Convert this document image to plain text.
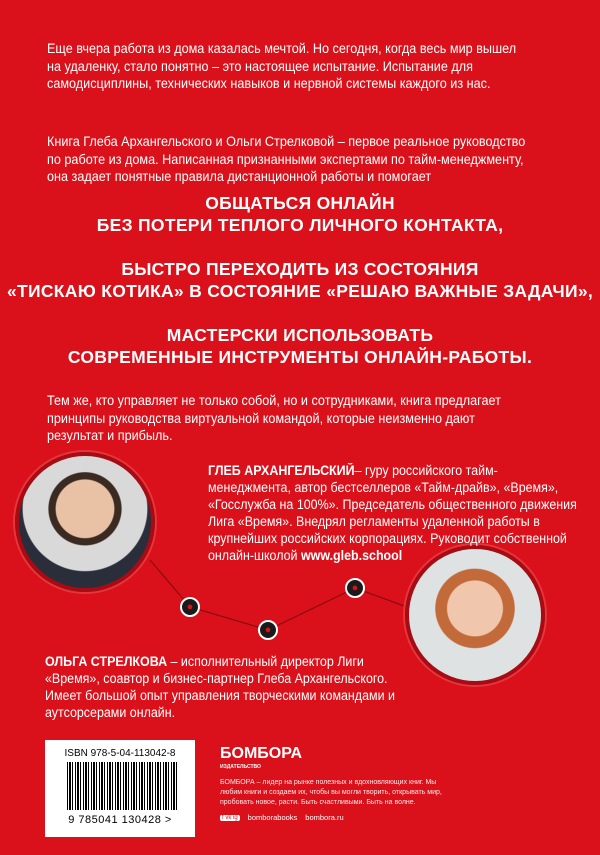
Еще вчера работа из дома казалась мечтой. Но сегодня, когда весь мир вышел на удаленку, стало понятно – это настоящее испытание. Испытание для самодисциплины, технических навыков и нервной системы каждого из нас.

Книга Глеба Архангельского и Ольги Стрелковой – первое реальное руководство по работе из дома. Написанная признанными экспертами по тайм-менеджменту, она задает понятные правила дистанционной работы и помогает

ОБЩАТЬСЯ ОНЛАЙН
БЕЗ ПОТЕРИ ТЕПЛОГО ЛИЧНОГО КОНТАКТА,
БЫСТРО ПЕРЕХОДИТЬ ИЗ СОСТОЯНИЯ
«ТИСКАЮ КОТИКА» В СОСТОЯНИЕ «РЕШАЮ ВАЖНЫЕ ЗАДАЧИ»,
МАСТЕРСКИ ИСПОЛЬЗОВАТЬ
СОВРЕМЕННЫЕ ИНСТРУМЕНТЫ ОНЛАЙН-РАБОТЫ.

Тем же, кто управляет не только собой, но и сотрудниками, книга предлагает принципы руководства виртуальной командой, которые неизменно дают результат и прибыль.

●
●
●

ГЛЕБ АРХАНГЕЛЬСКИЙ– гуру российского тайм-менеджмента, автор бестселлеров «Тайм-драйв», «Время», «Госслужба на 100%». Председатель общественного движения Лига «Время». Внедрял регламенты удаленной работы в крупнейших российских корпорациях. Руководит собственной онлайн-школой www.gleb.school

ОЛЬГА СТРЕЛКОВА – исполнительный директор Лиги «Время», соавтор и бизнес-партнер Глеба Архангельского. Имеет большой опыт управления творческими командами и аутсорсерами онлайн.

ISBN 978-5-04-113042-8
9 785041 130428 >
БОМБОРА
ИЗДАТЕЛЬСТВО
БОМБОРА – лидер на рынке полезных и вдохновляющих книг. Мы любим книги и создаем их, чтобы вы могли творить, открывать мир, пробовать новое, расти. Быть счастливыми. Быть на волне.
f vk ig bomborabooks bombora.ru
